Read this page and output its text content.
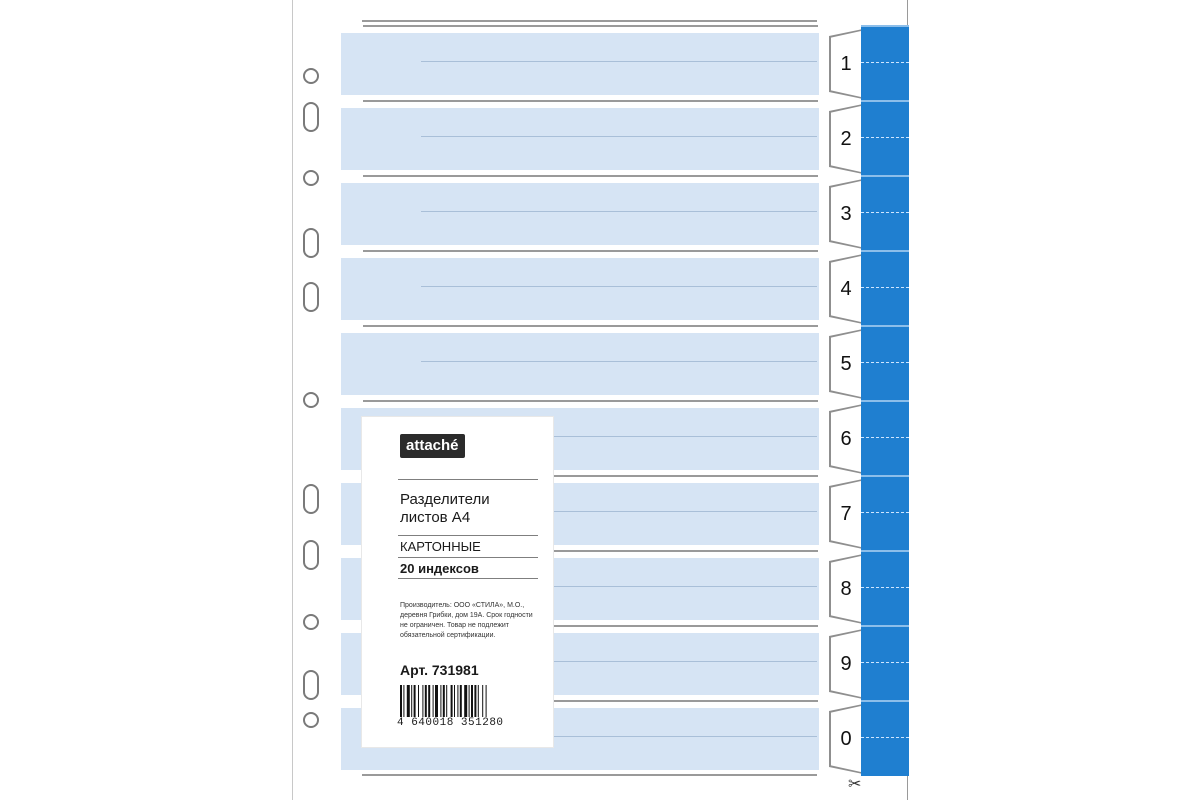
1
2
3
4
5
6
7
8
9
0
attaché
Разделители листов А4
КАРТОННЫЕ
20 индексов
Производитель: ООО «СТИЛА», М.О., деревня Грибки, дом 19А. Срок годности не ограничен. Товар не подлежит обязательной сертификации.
Арт. 731981
4 640018 351280
✂
